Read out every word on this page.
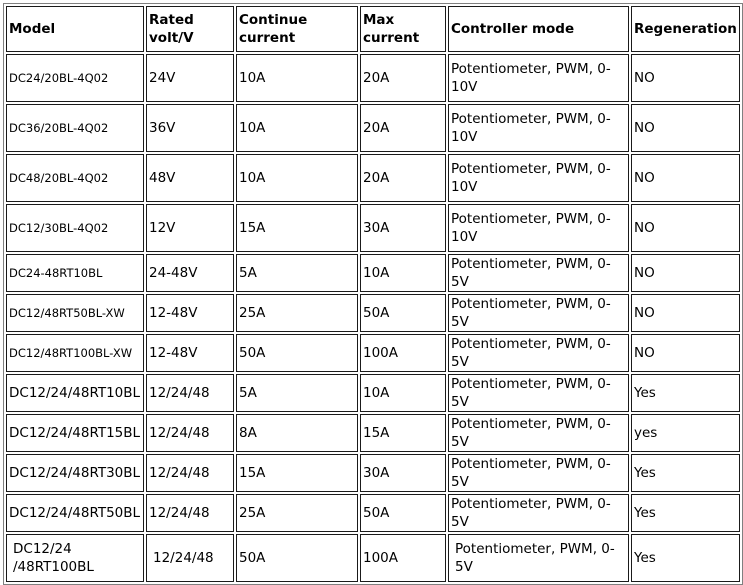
Model	Rated volt/V	Continue current	Max current	Controller mode	Regeneration
DC24/20BL-4Q02	24V	10A	20A	Potentiometer, PWM, 0-10V	NO
DC36/20BL-4Q02	36V	10A	20A	Potentiometer, PWM, 0-10V	NO
DC48/20BL-4Q02	48V	10A	20A	Potentiometer, PWM, 0-10V	NO
DC12/30BL-4Q02	12V	15A	30A	Potentiometer, PWM, 0-10V	NO
DC24-48RT10BL	24-48V	5A	10A	Potentiometer, PWM, 0-5V	NO
DC12/48RT50BL-XW	12-48V	25A	50A	Potentiometer, PWM, 0-5V	NO
DC12/48RT100BL-XW	12-48V	50A	100A	Potentiometer, PWM, 0-5V	NO
DC12/24/48RT10BL	12/24/48	5A	10A	Potentiometer, PWM, 0-5V	Yes
DC12/24/48RT15BL	12/24/48	8A	15A	Potentiometer, PWM, 0-5V	yes
DC12/24/48RT30BL	12/24/48	15A	30A	Potentiometer, PWM, 0-5V	Yes
DC12/24/48RT50BL	12/24/48	25A	50A	Potentiometer, PWM, 0-5V	Yes
DC12/24 /48RT100BL	12/24/48	50A	100A	Potentiometer, PWM, 0-5V	Yes
